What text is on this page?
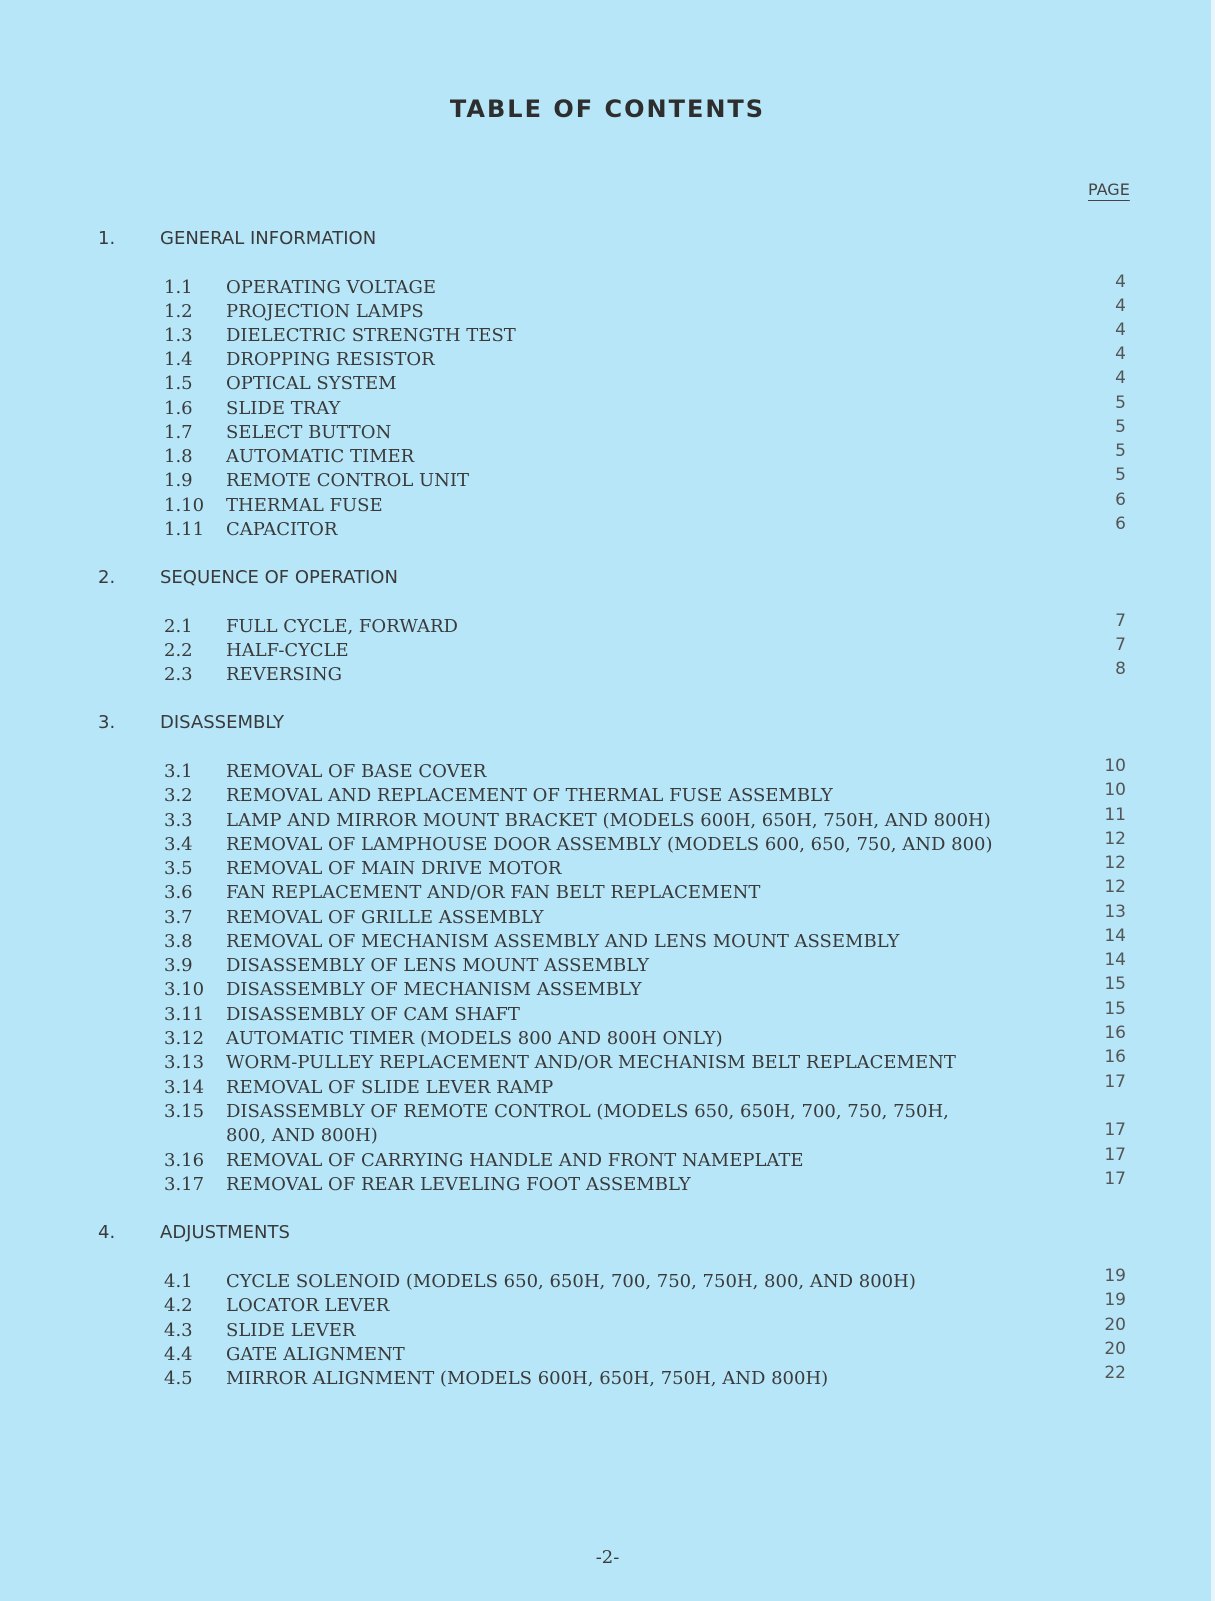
TABLE OF CONTENTS
PAGE
1. GENERAL INFORMATION
1.1 OPERATING VOLTAGE	4
1.2 PROJECTION LAMPS	4
1.3 DIELECTRIC STRENGTH TEST	4
1.4 DROPPING RESISTOR	4
1.5 OPTICAL SYSTEM	4
1.6 SLIDE TRAY	5
1.7 SELECT BUTTON	5
1.8 AUTOMATIC TIMER	5
1.9 REMOTE CONTROL UNIT	5
1.10 THERMAL FUSE	6
1.11 CAPACITOR	6
2. SEQUENCE OF OPERATION
2.1 FULL CYCLE, FORWARD	7
2.2 HALF-CYCLE	7
2.3 REVERSING	8
3. DISASSEMBLY
3.1 REMOVAL OF BASE COVER	10
3.2 REMOVAL AND REPLACEMENT OF THERMAL FUSE ASSEMBLY	10
3.3 LAMP AND MIRROR MOUNT BRACKET (MODELS 600H, 650H, 750H, AND 800H)	11
3.4 REMOVAL OF LAMPHOUSE DOOR ASSEMBLY (MODELS 600, 650, 750, AND 800)	12
3.5 REMOVAL OF MAIN DRIVE MOTOR	12
3.6 FAN REPLACEMENT AND/OR FAN BELT REPLACEMENT	12
3.7 REMOVAL OF GRILLE ASSEMBLY	13
3.8 REMOVAL OF MECHANISM ASSEMBLY AND LENS MOUNT ASSEMBLY	14
3.9 DISASSEMBLY OF LENS MOUNT ASSEMBLY	14
3.10 DISASSEMBLY OF MECHANISM ASSEMBLY	15
3.11 DISASSEMBLY OF CAM SHAFT	15
3.12 AUTOMATIC TIMER (MODELS 800 AND 800H ONLY)	16
3.13 WORM-PULLEY REPLACEMENT AND/OR MECHANISM BELT REPLACEMENT	16
3.14 REMOVAL OF SLIDE LEVER RAMP	17
3.15 DISASSEMBLY OF REMOTE CONTROL (MODELS 650, 650H, 700, 750, 750H,
800, AND 800H)	17
3.16 REMOVAL OF CARRYING HANDLE AND FRONT NAMEPLATE	17
3.17 REMOVAL OF REAR LEVELING FOOT ASSEMBLY	17
4. ADJUSTMENTS
4.1 CYCLE SOLENOID (MODELS 650, 650H, 700, 750, 750H, 800, AND 800H)	19
4.2 LOCATOR LEVER	19
4.3 SLIDE LEVER	20
4.4 GATE ALIGNMENT	20
4.5 MIRROR ALIGNMENT (MODELS 600H, 650H, 750H, AND 800H)	22
-2-
